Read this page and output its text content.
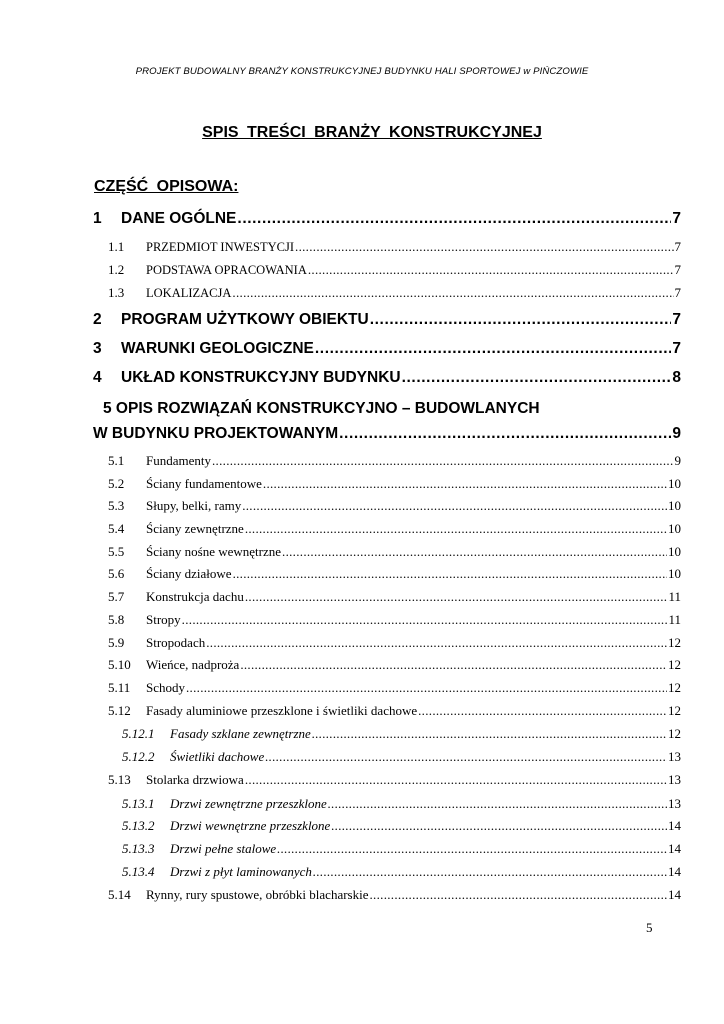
PROJEKT BUDOWALNY BRANŻY KONSTRUKCYJNEJ BUDYNKU HALI SPORTOWEJ w PIŃCZOWIE
SPIS TREŚCI BRANŻY KONSTRUKCYJNEJ
CZĘŚĆ OPISOWA:
1	DANE OGÓLNE .....	7
1.1	PRZEDMIOT INWESTYCJI .....	7
1.2	PODSTAWA OPRACOWANIA .....	7
1.3	LOKALIZACJA .....	7
2	PROGRAM UŻYTKOWY OBIEKTU .....	7
3	WARUNKI GEOLOGICZNE .....	7
4	UKŁAD KONSTRUKCYJNY BUDYNKU .....	8
5 OPIS ROZWIĄZAŃ KONSTRUKCYJNO – BUDOWLANYCH
W BUDYNKU PROJEKTOWANYM .....	9
5.1	Fundamenty .....	9
5.2	Ściany fundamentowe .....	10
5.3	Słupy, belki, ramy .....	10
5.4	Ściany zewnętrzne .....	10
5.5	Ściany nośne wewnętrzne .....	10
5.6	Ściany działowe .....	10
5.7	Konstrukcja dachu .....	11
5.8	Stropy .....	11
5.9	Stropodach .....	12
5.10	Wieńce, nadproża .....	12
5.11	Schody .....	12
5.12	Fasady aluminiowe przeszklone i świetliki dachowe .....	12
5.12.1	Fasady szklane zewnętrzne .....	12
5.12.2	Świetliki dachowe .....	13
5.13	Stolarka drzwiowa .....	13
5.13.1	Drzwi zewnętrzne przeszklone .....	13
5.13.2	Drzwi wewnętrzne przeszklone .....	14
5.13.3	Drzwi pełne stalowe .....	14
5.13.4	Drzwi z płyt laminowanych .....	14
5.14	Rynny, rury spustowe, obróbki blacharskie .....	14
5
